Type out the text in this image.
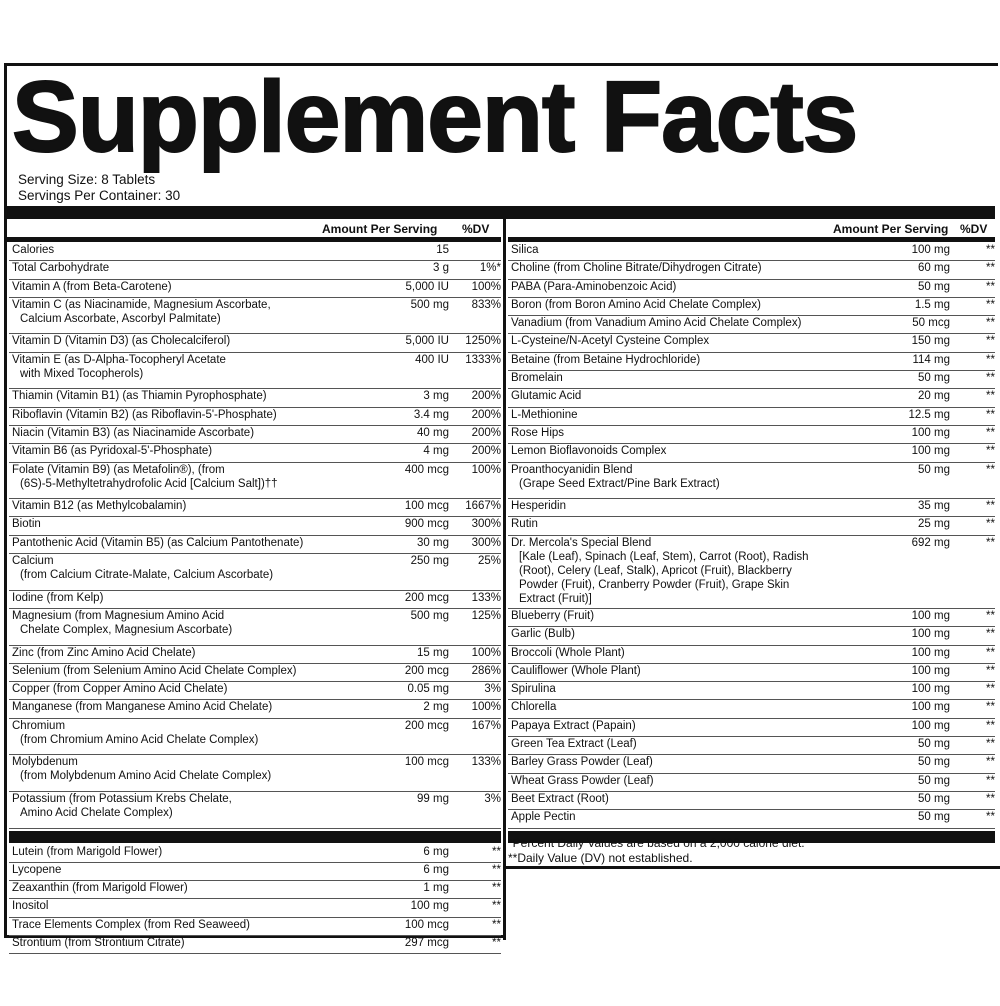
Supplement Facts
Serving Size: 8 Tablets
Servings Per Container: 30
Amount Per Serving %DV	Amount Per Serving %DV
Calories	15
Total Carbohydrate	3 g	1%*
Vitamin A (from Beta-Carotene)	5,000 IU	100%
Vitamin C (as Niacinamide, Magnesium Ascorbate,
Calcium Ascorbate, Ascorbyl Palmitate)
500 mg	833%
Vitamin D (Vitamin D3) (as Cholecalciferol)	5,000 IU	1250%
Vitamin E (as D-Alpha-Tocopheryl Acetate
with Mixed Tocopherols)
400 IU	1333%
Thiamin (Vitamin B1) (as Thiamin Pyrophosphate)	3 mg	200%
Riboflavin (Vitamin B2) (as Riboflavin-5'-Phosphate)	3.4 mg	200%
Niacin (Vitamin B3) (as Niacinamide Ascorbate)	40 mg	200%
Vitamin B6 (as Pyridoxal-5'-Phosphate)	4 mg	200%
Folate (Vitamin B9) (as Metafolin®), (from
(6S)-5-Methyltetrahydrofolic Acid [Calcium Salt])††
400 mcg	100%
Vitamin B12 (as Methylcobalamin)	100 mcg	1667%
Biotin	900 mcg	300%
Pantothenic Acid (Vitamin B5) (as Calcium Pantothenate)	30 mg	300%
Calcium
(from Calcium Citrate-Malate, Calcium Ascorbate)
250 mg	25%
Iodine (from Kelp)	200 mcg	133%
Magnesium (from Magnesium Amino Acid
Chelate Complex, Magnesium Ascorbate)
500 mg	125%
Zinc (from Zinc Amino Acid Chelate)	15 mg	100%
Selenium (from Selenium Amino Acid Chelate Complex)	200 mcg	286%
Copper (from Copper Amino Acid Chelate)	0.05 mg	3%
Manganese (from Manganese Amino Acid Chelate)	2 mg	100%
Chromium
(from Chromium Amino Acid Chelate Complex)
200 mcg	167%
Molybdenum
(from Molybdenum Amino Acid Chelate Complex)
100 mcg	133%
Potassium (from Potassium Krebs Chelate,
Amino Acid Chelate Complex)
99 mg	3%
Lutein (from Marigold Flower)	6 mg	**
Lycopene	6 mg	**
Zeaxanthin (from Marigold Flower)	1 mg	**
Inositol	100 mg	**
Trace Elements Complex (from Red Seaweed)	100 mcg	**
Strontium (from Strontium Citrate)	297 mcg	**
Silica	100 mg	**
Choline (from Choline Bitrate/Dihydrogen Citrate)	60 mg	**
PABA (Para-Aminobenzoic Acid)	50 mg	**
Boron (from Boron Amino Acid Chelate Complex)	1.5 mg	**
Vanadium (from Vanadium Amino Acid Chelate Complex)	50 mcg	**
L-Cysteine/N-Acetyl Cysteine Complex	150 mg	**
Betaine (from Betaine Hydrochloride)	114 mg	**
Bromelain	50 mg	**
Glutamic Acid	20 mg	**
L-Methionine	12.5 mg	**
Rose Hips	100 mg	**
Lemon Bioflavonoids Complex	100 mg	**
Proanthocyanidin Blend
(Grape Seed Extract/Pine Bark Extract)
50 mg	**
Hesperidin	35 mg	**
Rutin	25 mg	**
Dr. Mercola's Special Blend
[Kale (Leaf), Spinach (Leaf, Stem), Carrot (Root), Radish (Root), Celery (Leaf, Stalk), Apricot (Fruit), Blackberry Powder (Fruit), Cranberry Powder (Fruit), Grape Skin Extract (Fruit)]
692 mg	**
Blueberry (Fruit)	100 mg	**
Garlic (Bulb)	100 mg	**
Broccoli (Whole Plant)	100 mg	**
Cauliflower (Whole Plant)	100 mg	**
Spirulina	100 mg	**
Chlorella	100 mg	**
Papaya Extract (Papain)	100 mg	**
Green Tea Extract (Leaf)	50 mg	**
Barley Grass Powder (Leaf)	50 mg	**
Wheat Grass Powder (Leaf)	50 mg	**
Beet Extract (Root)	50 mg	**
Apple Pectin	50 mg	**
*Percent Daily Values are based on a 2,000 calorie diet.
**Daily Value (DV) not established.
